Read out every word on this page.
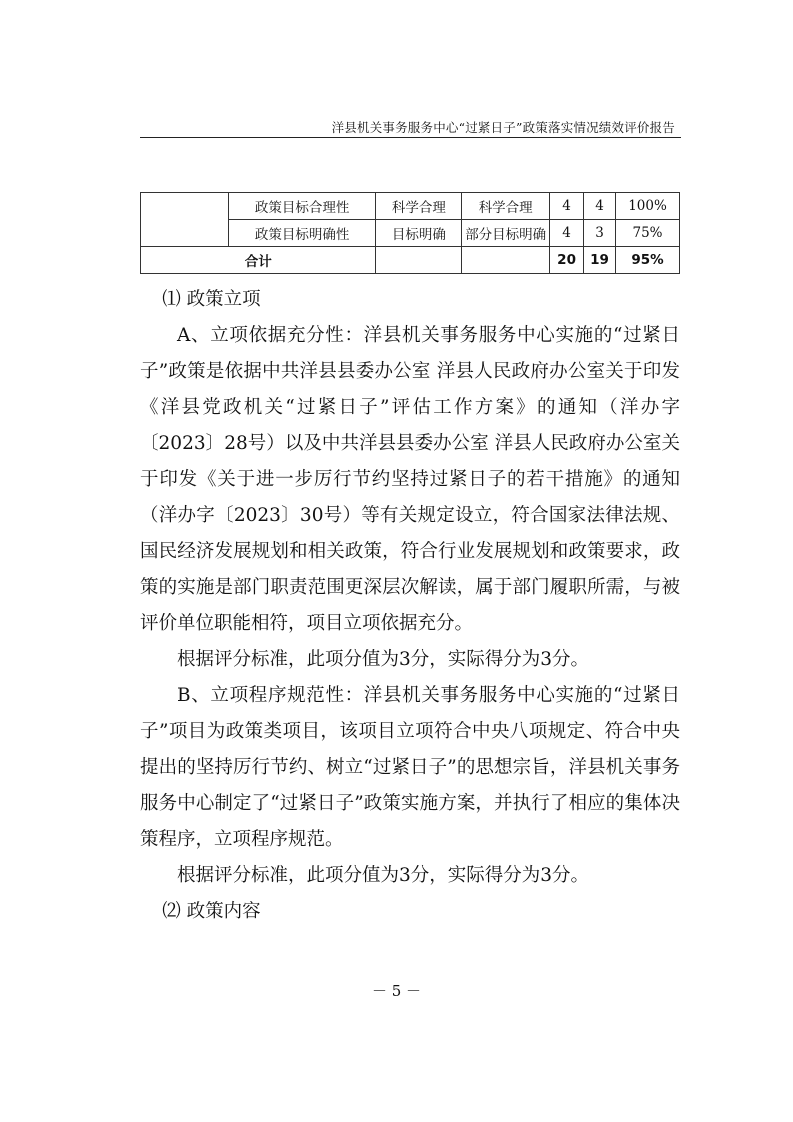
洋县机关事务服务中心“过紧日子”政策落实情况绩效评价报告
	政策目标合理性	科学合理	科学合理	4	4	100%
	政策目标明确性	目标明确	部分目标明确	4	3	75%
合计				20	19	95%

⑴ 政策立项

A、立项依据充分性：洋县机关事务服务中心实施的“过紧日子”政策是依据中共洋县县委办公室 洋县人民政府办公室关于印发《洋县党政机关“过紧日子”评估工作方案》的通知（洋办字〔2023〕28号）以及中共洋县县委办公室 洋县人民政府办公室关于印发《关于进一步厉行节约坚持过紧日子的若干措施》的通知（洋办字〔2023〕30号）等有关规定设立，符合国家法律法规、国民经济发展规划和相关政策，符合行业发展规划和政策要求，政策的实施是部门职责范围更深层次解读，属于部门履职所需，与被评价单位职能相符，项目立项依据充分。

根据评分标准，此项分值为3分，实际得分为3分。

B、立项程序规范性：洋县机关事务服务中心实施的“过紧日子”项目为政策类项目，该项目立项符合中央八项规定、符合中央提出的坚持厉行节约、树立“过紧日子”的思想宗旨，洋县机关事务服务中心制定了“过紧日子”政策实施方案，并执行了相应的集体决策程序，立项程序规范。

根据评分标准，此项分值为3分，实际得分为3分。

⑵ 政策内容

－ 5 －
